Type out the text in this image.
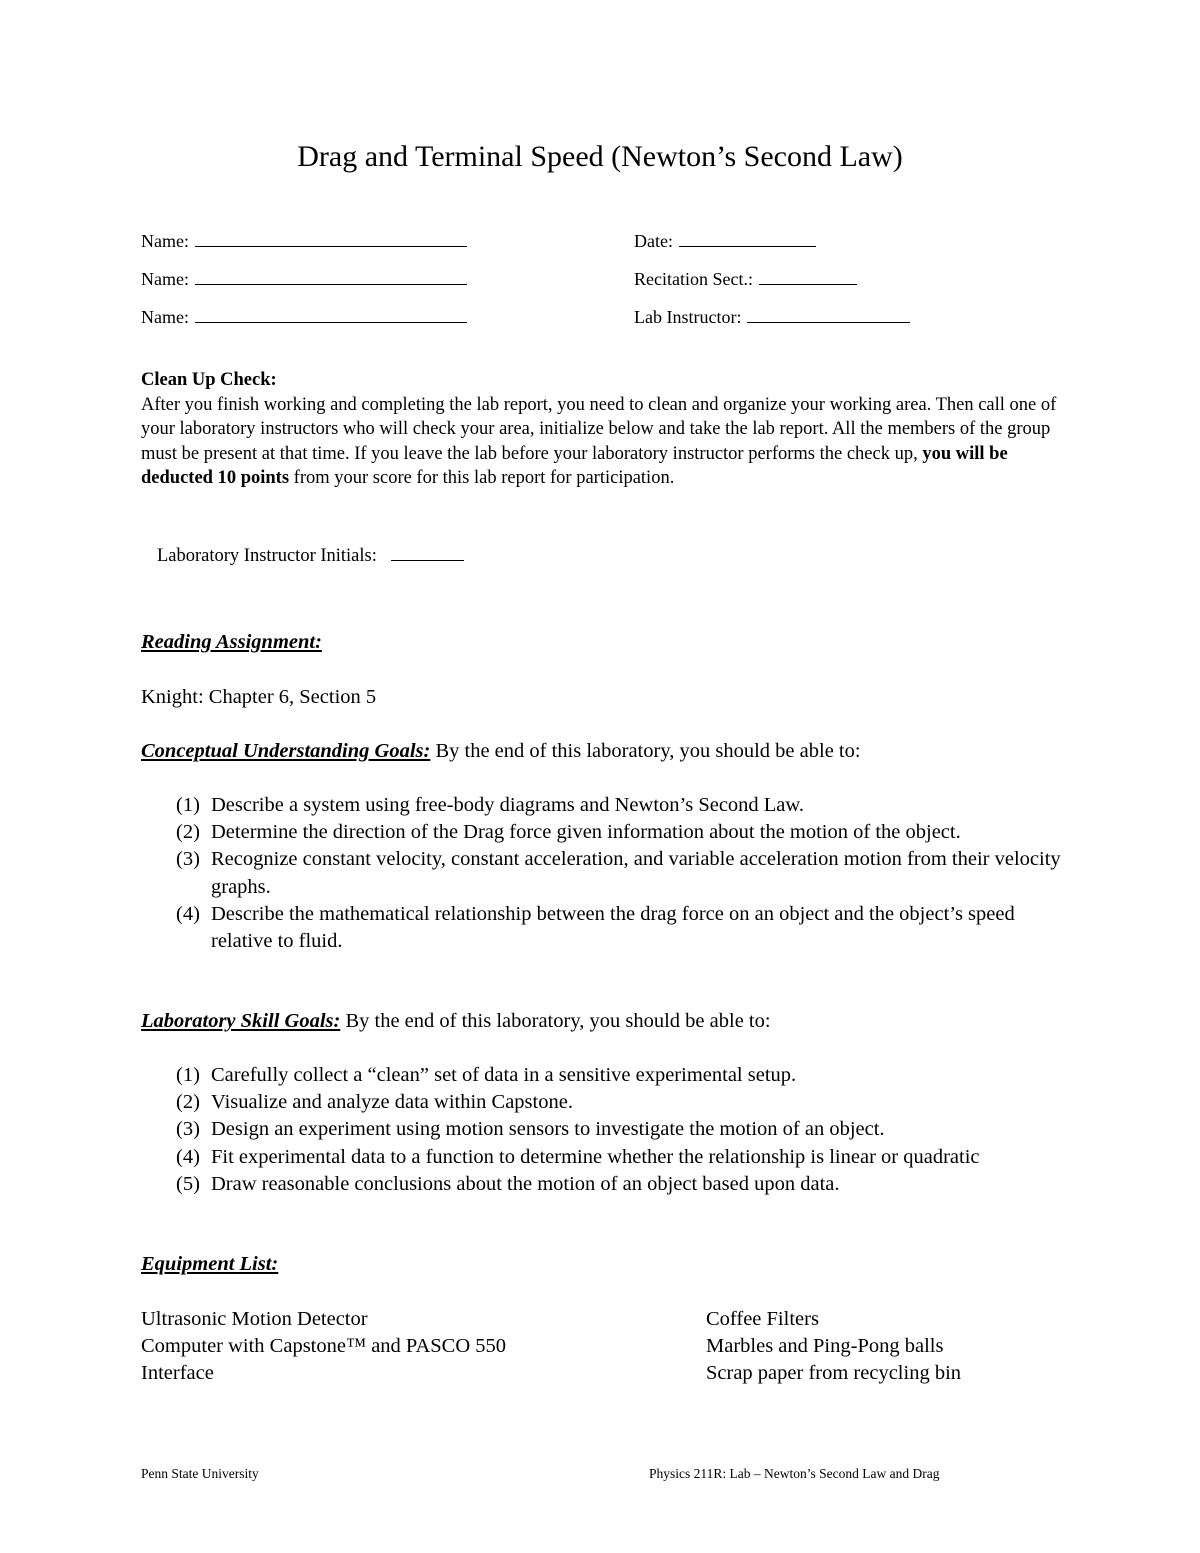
Drag and Terminal Speed (Newton’s Second Law)
Name:
Name:
Name:
Date:
Recitation Sect.:
Lab Instructor:
Clean Up Check:
After you finish working and completing the lab report, you need to clean and organize your working area. Then call one of your laboratory instructors who will check your area, initialize below and take the lab report. All the members of the group must be present at that time. If you leave the lab before your laboratory instructor performs the check up, you will be deducted 10 points from your score for this lab report for participation.
Laboratory Instructor Initials:
Reading Assignment:
Knight: Chapter 6, Section 5
Conceptual Understanding Goals: By the end of this laboratory, you should be able to:
(1) Describe a system using free-body diagrams and Newton’s Second Law.
(2) Determine the direction of the Drag force given information about the motion of the object.
(3) Recognize constant velocity, constant acceleration, and variable acceleration motion from their velocity graphs.
(4) Describe the mathematical relationship between the drag force on an object and the object’s speed relative to fluid.
Laboratory Skill Goals: By the end of this laboratory, you should be able to:
(1) Carefully collect a “clean” set of data in a sensitive experimental setup.
(2) Visualize and analyze data within Capstone.
(3) Design an experiment using motion sensors to investigate the motion of an object.
(4) Fit experimental data to a function to determine whether the relationship is linear or quadratic
(5) Draw reasonable conclusions about the motion of an object based upon data.
Equipment List:
Ultrasonic Motion Detector
Computer with Capstone™ and PASCO 550
Interface
Coffee Filters
Marbles and Ping-Pong balls
Scrap paper from recycling bin
Penn State University	Physics 211R: Lab – Newton’s Second Law and Drag
